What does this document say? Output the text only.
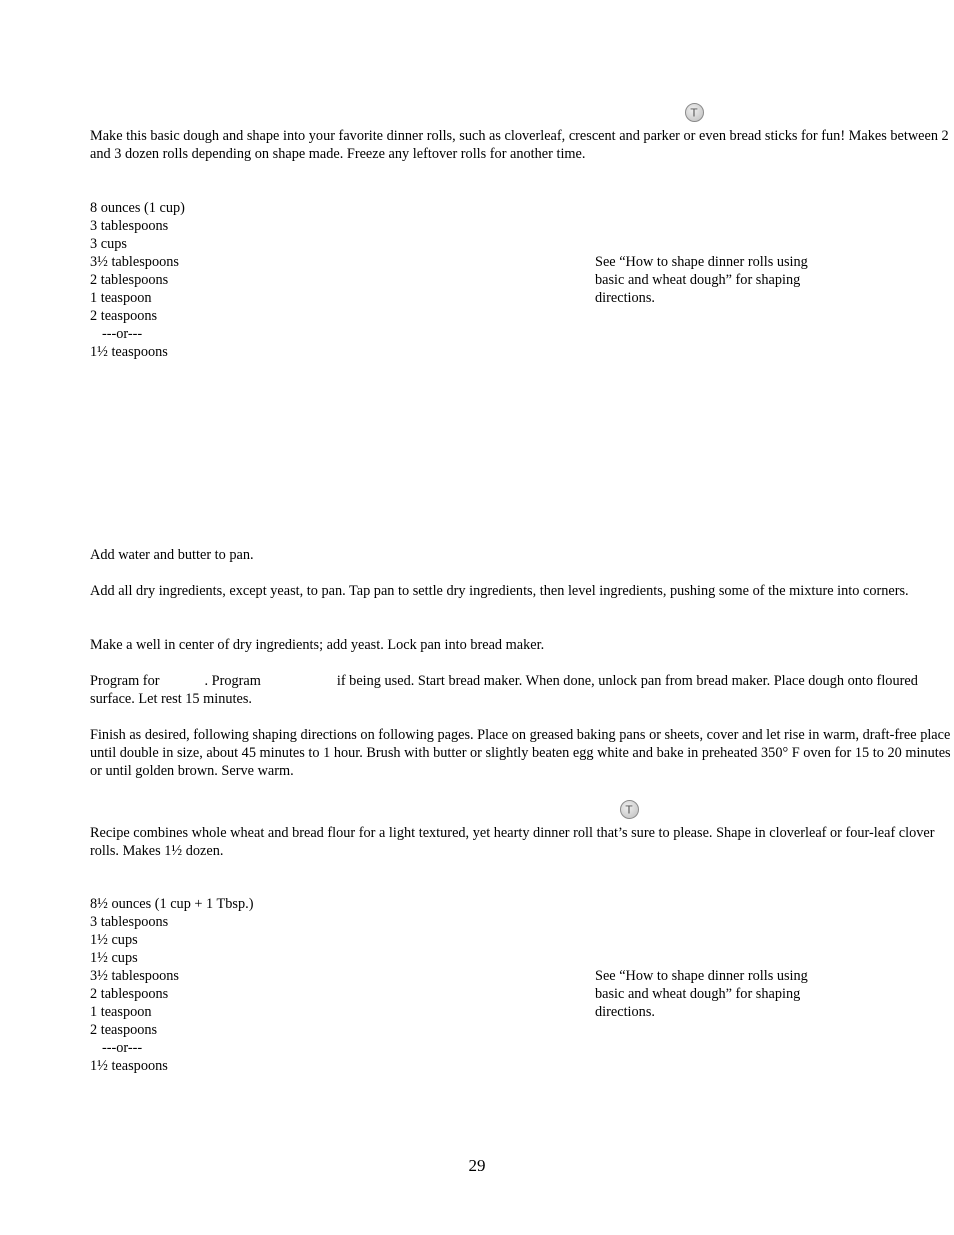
T

Make this basic dough and shape into your favorite dinner rolls, such as cloverleaf, crescent and parker or even bread sticks for fun! Makes between 2 and 3 dozen rolls depending on shape made. Freeze any leftover rolls for another time.

8 ounces (1 cup)
3 tablespoons
3 cups
3½ tablespoons
2 tablespoons
1 teaspoon
2 teaspoons
---or---
1½ teaspoons

See “How to shape dinner rolls using basic and wheat dough” for shaping directions.

Add water and butter to pan.

Add all dry ingredients, except yeast, to pan. Tap pan to settle dry ingredients, then level ingredients, pushing some of the mixture into corners.

Make a well in center of dry ingredients; add yeast. Lock pan into bread maker.

Program for	. Program	if being used. Start bread maker. When done, unlock pan from bread maker. Place dough onto floured surface. Let rest 15 minutes.

Finish as desired, following shaping directions on following pages. Place on greased baking pans or sheets, cover and let rise in warm, draft-free place until double in size, about 45 minutes to 1 hour. Brush with butter or slightly beaten egg white and bake in preheated 350° F oven for 15 to 20 minutes or until golden brown. Serve warm.

T

Recipe combines whole wheat and bread flour for a light textured, yet hearty dinner roll that’s sure to please. Shape in cloverleaf or four-leaf clover rolls. Makes 1½ dozen.

8½ ounces (1 cup + 1 Tbsp.)
3 tablespoons
1½ cups
1½ cups
3½ tablespoons
2 tablespoons
1 teaspoon
2 teaspoons
---or---
1½ teaspoons

See “How to shape dinner rolls using basic and wheat dough” for shaping directions.

29
